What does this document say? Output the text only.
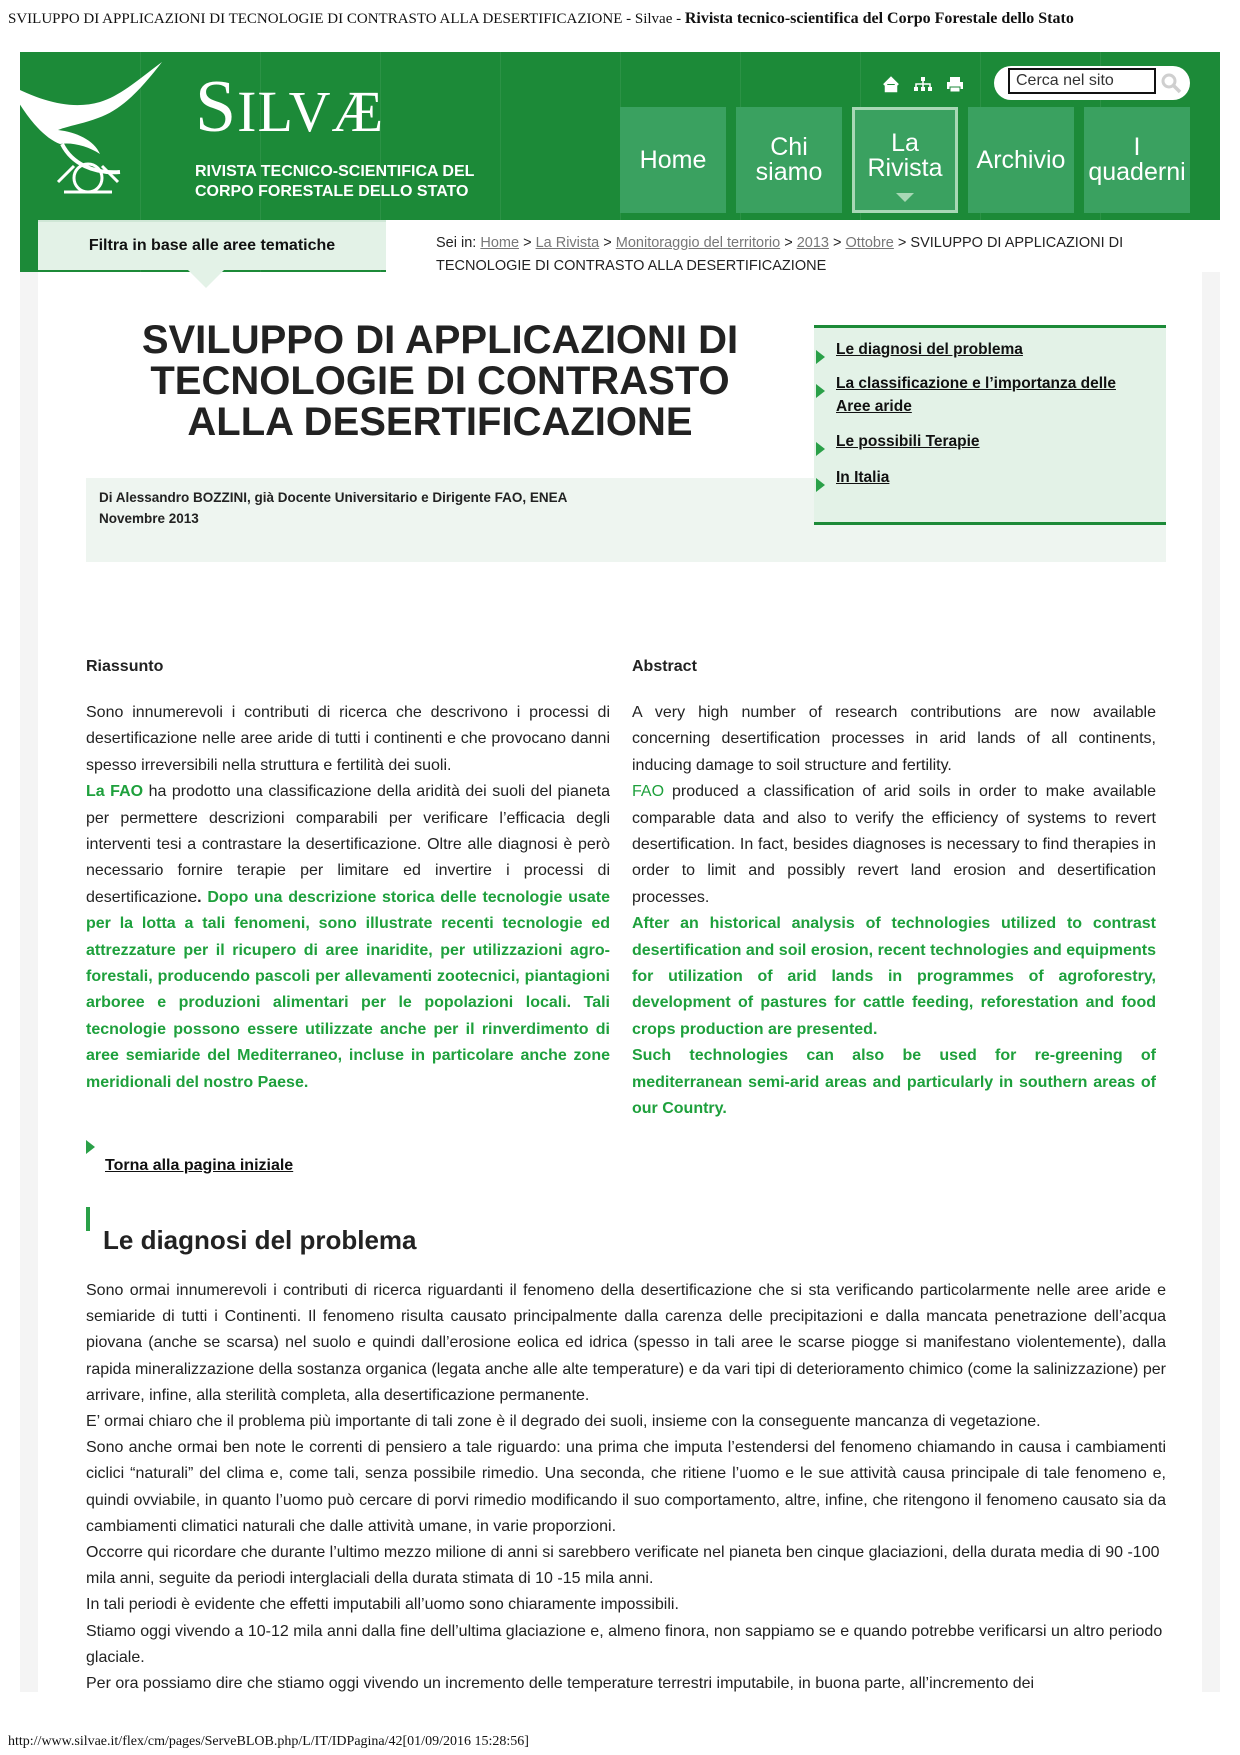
SVILUPPO DI APPLICAZIONI DI TECNOLOGIE DI CONTRASTO ALLA DESERTIFICAZIONE - Silvae - Rivista tecnico-scientifica del Corpo Forestale dello Stato
SILVÆ
RIVISTA TECNICO-SCIENTIFICA DEL
CORPO FORESTALE DELLO STATO
Cerca nel sito
Home	Chi
siamo
La
Rivista Archivio	I
quaderni
Filtra in base alle aree tematiche	Sei in: Home > La Rivista > Monitoraggio del territorio > 2013 > Ottobre > SVILUPPO DI APPLICAZIONI DI TECNOLOGIE DI CONTRASTO ALLA DESERTIFICAZIONE
SVILUPPO DI APPLICAZIONI DI TECNOLOGIE DI CONTRASTO ALLA DESERTIFICAZIONE
Di Alessandro BOZZINI, già Docente Universitario e Dirigente FAO, ENEA
Novembre 2013
Le diagnosi del problema
La classificazione e l’importanza delle Aree aride
Le possibili Terapie
In Italia
Riassunto	Abstract
Sono innumerevoli i contributi di ricerca che descrivono i processi di desertificazione nelle aree aride di tutti i continenti e che provocano danni spesso irreversibili nella struttura e fertilità dei suoli.
La FAO ha prodotto una classificazione della aridità dei suoli del pianeta per permettere descrizioni comparabili per verificare l’efficacia degli interventi tesi a contrastare la desertificazione. Oltre alle diagnosi è però necessario fornire terapie per limitare ed invertire i processi di desertificazione. Dopo una descrizione storica delle tecnologie usate per la lotta a tali fenomeni, sono illustrate recenti tecnologie ed attrezzature per il ricupero di aree inaridite, per utilizzazioni agro-forestali, producendo pascoli per allevamenti zootecnici, piantagioni arboree e produzioni alimentari per le popolazioni locali. Tali tecnologie possono essere utilizzate anche per il rinverdimento di aree semiaride del Mediterraneo, incluse in particolare anche zone meridionali del nostro Paese.
A very high number of research contributions are now available concerning desertification processes in arid lands of all continents, inducing damage to soil structure and fertility.
FAO produced a classification of arid soils in order to make available comparable data and also to verify the efficiency of systems to revert desertification. In fact, besides diagnoses is necessary to find therapies in order to limit and possibly revert land erosion and desertification processes.
After an historical analysis of technologies utilized to contrast desertification and soil erosion, recent technologies and equipments for utilization of arid lands in programmes of agroforestry, development of pastures for cattle feeding, reforestation and food crops production are presented.
Such technologies can also be used for re-greening of mediterranean semi-arid areas and particularly in southern areas of our Country.
Torna alla pagina iniziale
Le diagnosi del problema

Sono ormai innumerevoli i contributi di ricerca riguardanti il fenomeno della desertificazione che si sta verificando particolarmente nelle aree aride e semiaride di tutti i Continenti. Il fenomeno risulta causato principalmente dalla carenza delle precipitazioni e dalla mancata penetrazione dell’acqua piovana (anche se scarsa) nel suolo e quindi dall’erosione eolica ed idrica (spesso in tali aree le scarse piogge si manifestano violentemente), dalla rapida mineralizzazione della sostanza organica (legata anche alle alte temperature) e da vari tipi di deterioramento chimico (come la salinizzazione) per arrivare, infine, alla sterilità completa, alla desertificazione permanente.

E’ ormai chiaro che il problema più importante di tali zone è il degrado dei suoli, insieme con la conseguente mancanza di vegetazione.

Sono anche ormai ben note le correnti di pensiero a tale riguardo: una prima che imputa l’estendersi del fenomeno chiamando in causa i cambiamenti ciclici “naturali” del clima e, come tali, senza possibile rimedio. Una seconda, che ritiene l’uomo e le sue attività causa principale di tale fenomeno e, quindi ovviabile, in quanto l’uomo può cercare di porvi rimedio modificando il suo comportamento, altre, infine, che ritengono il fenomeno causato sia da cambiamenti climatici naturali che dalle attività umane, in varie proporzioni.

Occorre qui ricordare che durante l’ultimo mezzo milione di anni si sarebbero verificate nel pianeta ben cinque glaciazioni, della durata media di 90 -100 mila anni, seguite da periodi interglaciali della durata stimata di 10 -15 mila anni.

In tali periodi è evidente che effetti imputabili all’uomo sono chiaramente impossibili.

Stiamo oggi vivendo a 10-12 mila anni dalla fine dell’ultima glaciazione e, almeno finora, non sappiamo se e quando potrebbe verificarsi un altro periodo glaciale.

Per ora possiamo dire che stiamo oggi vivendo un incremento delle temperature terrestri imputabile, in buona parte, all’incremento dei

http://www.silvae.it/flex/cm/pages/ServeBLOB.php/L/IT/IDPagina/42[01/09/2016 15:28:56]
